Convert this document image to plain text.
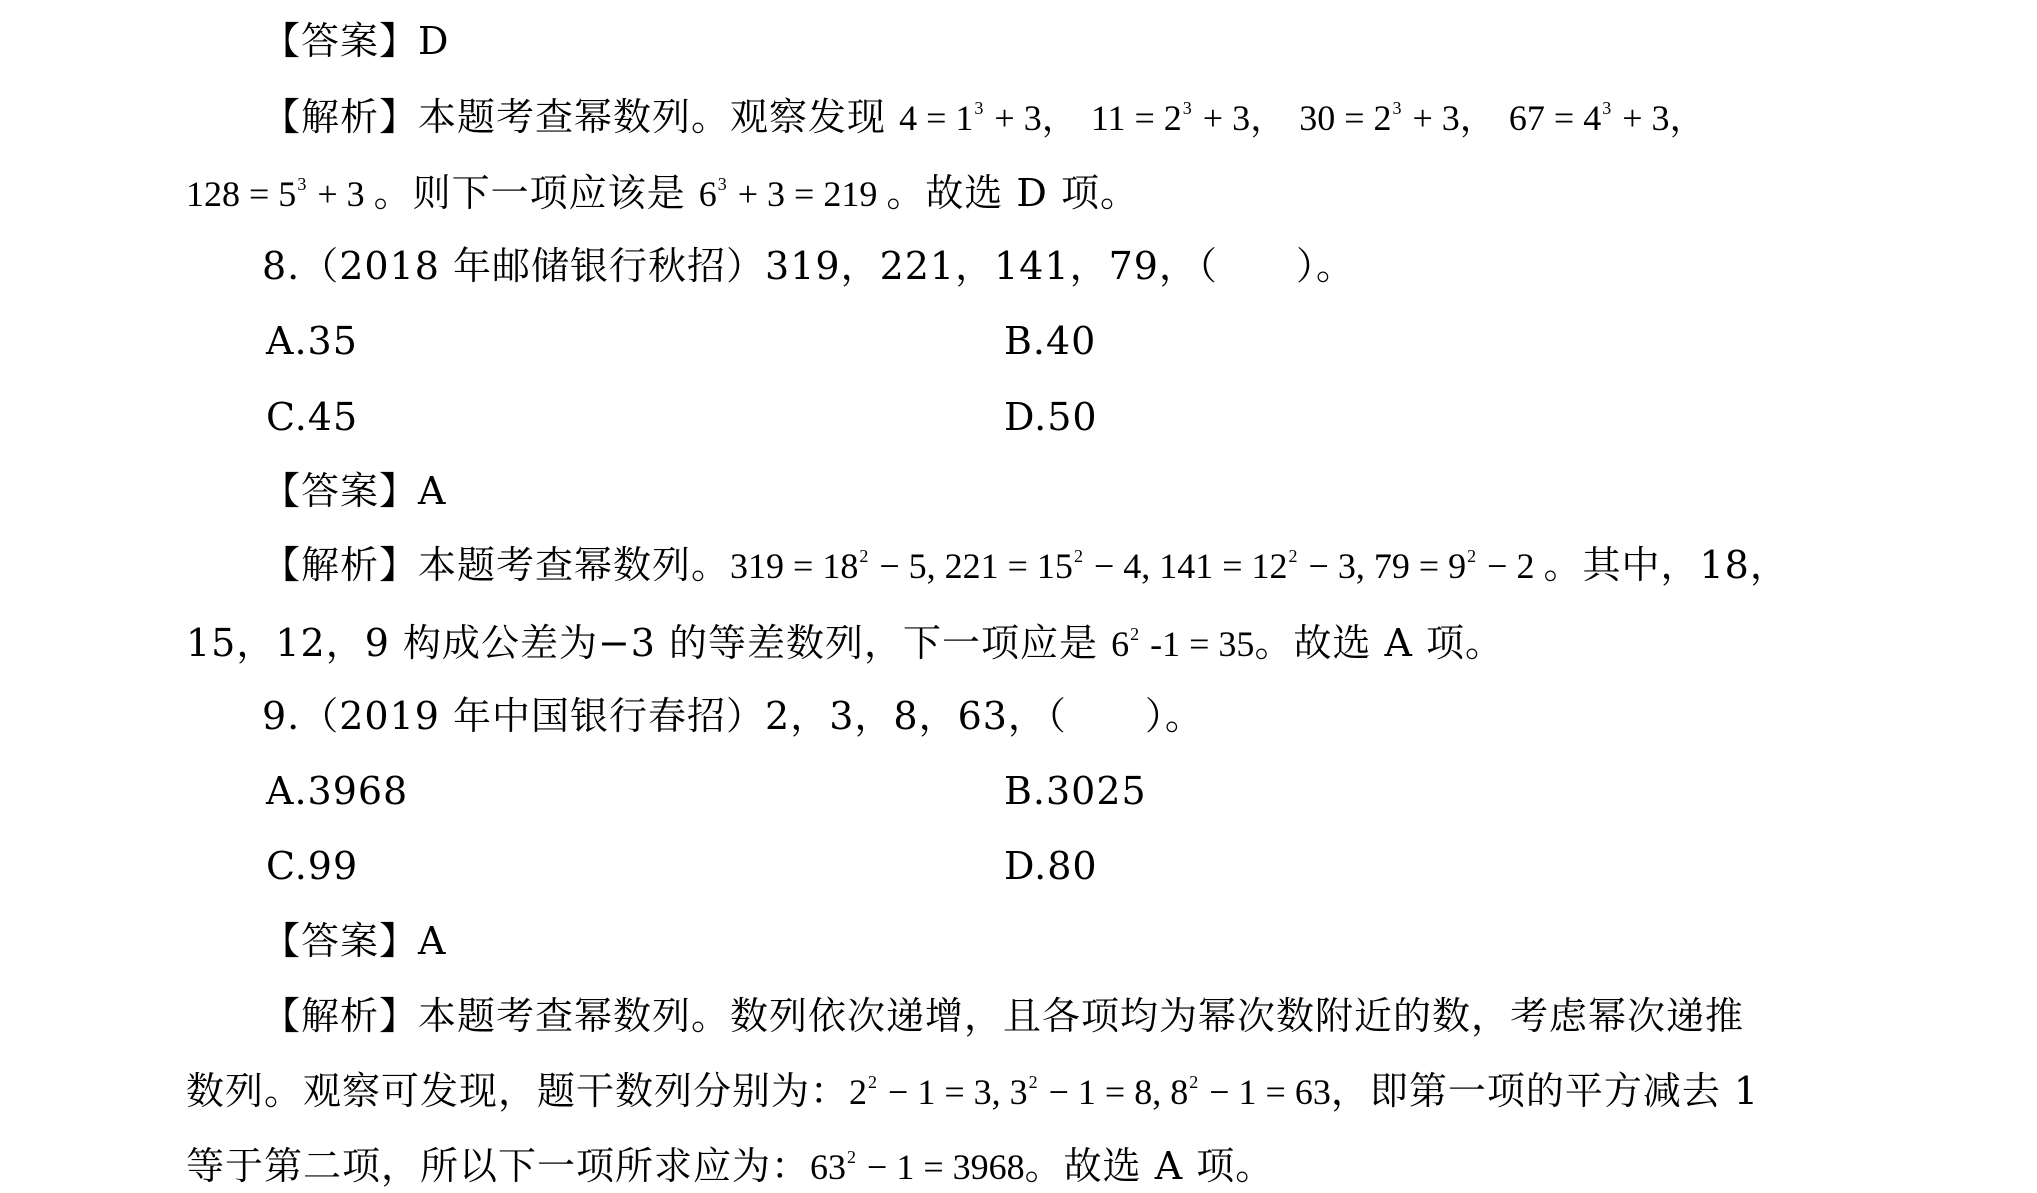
【答案】D
【解析】本题考查幂数列。观察发现 $4 = 1^3 + 3$， $11 = 2^3 + 3$， $30 = 2^3 + 3$， $67 = 4^3 + 3$，
$128 = 5^3 + 3$ 。则下一项应该是 $6^3 + 3 = 219$ 。故选 D 项。
8.（2018 年邮储银行秋招）319，221，141，79，（　　）。
A.35	B.40
C.45	D.50
【答案】A
【解析】本题考查幂数列。$319 = 18^2 - 5$, $221 = 15^2 - 4$, $141 = 12^2 - 3$, $79 = 9^2 - 2$ 。其中，18，
15，12，9 构成公差为−3 的等差数列，下一项应是 $6^2$ -1 = 35。故选 A 项。
9.（2019 年中国银行春招）2，3，8，63，（　　）。
A.3968	B.3025
C.99	D.80
【答案】A
【解析】本题考查幂数列。数列依次递增，且各项均为幂次数附近的数，考虑幂次递推
数列。观察可发现，题干数列分别为：$2^2 - 1 = 3$, $3^2 - 1 = 8$, $8^2 - 1 = 63$，即第一项的平方减去 1
等于第二项，所以下一项所求应为：$63^2 - 1 = 3968$。故选 A 项。
